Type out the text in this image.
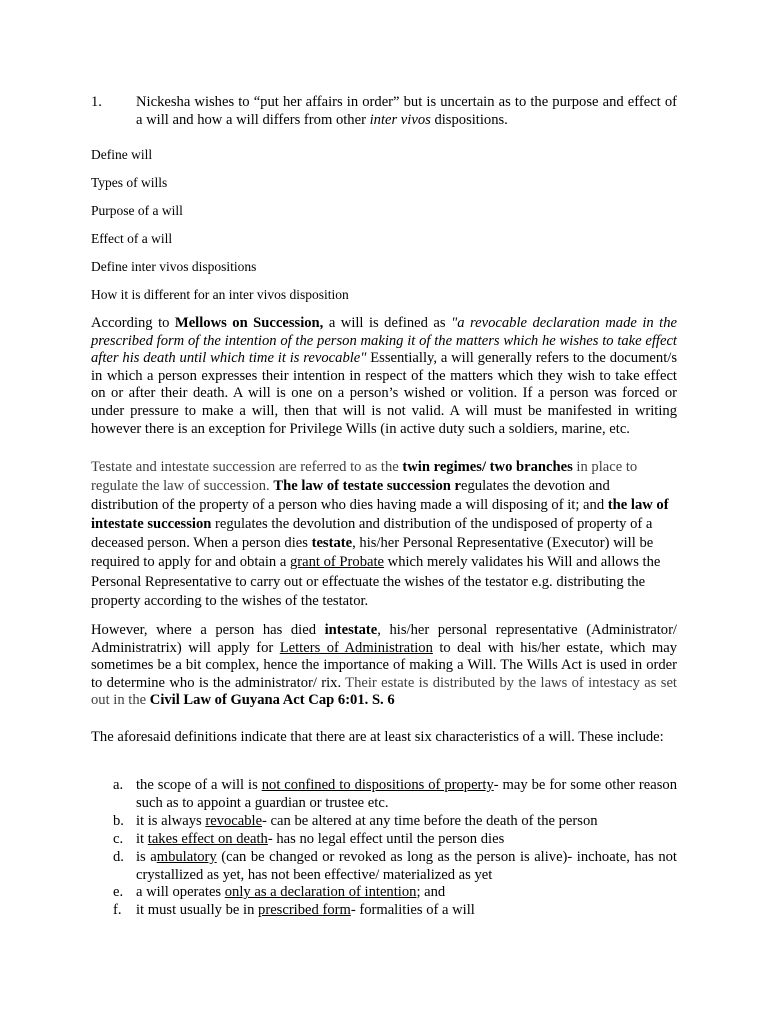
1. Nickesha wishes to “put her affairs in order” but is uncertain as to the purpose and effect of a will and how a will differs from other inter vivos dispositions.
Define will
Types of wills
Purpose of a will
Effect of a will
Define inter vivos dispositions
How it is different for an inter vivos disposition
According to Mellows on Succession, a will is defined as "a revocable declaration made in the prescribed form of the intention of the person making it of the matters which he wishes to take effect after his death until which time it is revocable" Essentially, a will generally refers to the document/s in which a person expresses their intention in respect of the matters which they wish to take effect on or after their death. A will is one on a person’s wished or volition. If a person was forced or under pressure to make a will, then that will is not valid. A will must be manifested in writing however there is an exception for Privilege Wills (in active duty such a soldiers, marine, etc.
Testate and intestate succession are referred to as the twin regimes/ two branches in place to regulate the law of succession. The law of testate succession regulates the devotion and distribution of the property of a person who dies having made a will disposing of it; and the law of intestate succession regulates the devolution and distribution of the undisposed of property of a deceased person. When a person dies testate, his/her Personal Representative (Executor) will be required to apply for and obtain a grant of Probate which merely validates his Will and allows the Personal Representative to carry out or effectuate the wishes of the testator e.g. distributing the property according to the wishes of the testator.
However, where a person has died intestate, his/her personal representative (Administrator/ Administratrix) will apply for Letters of Administration to deal with his/her estate, which may sometimes be a bit complex, hence the importance of making a Will. The Wills Act is used in order to determine who is the administrator/ rix. Their estate is distributed by the laws of intestacy as set out in the Civil Law of Guyana Act Cap 6:01. S. 6
The aforesaid definitions indicate that there are at least six characteristics of a will. These include:
a. the scope of a will is not confined to dispositions of property- may be for some other reason such as to appoint a guardian or trustee etc.
b. it is always revocable- can be altered at any time before the death of the person
c. it takes effect on death- has no legal effect until the person dies
d. is ambulatory (can be changed or revoked as long as the person is alive)- inchoate, has not crystallized as yet, has not been effective/ materialized as yet
e. a will operates only as a declaration of intention; and
f. it must usually be in prescribed form- formalities of a will
